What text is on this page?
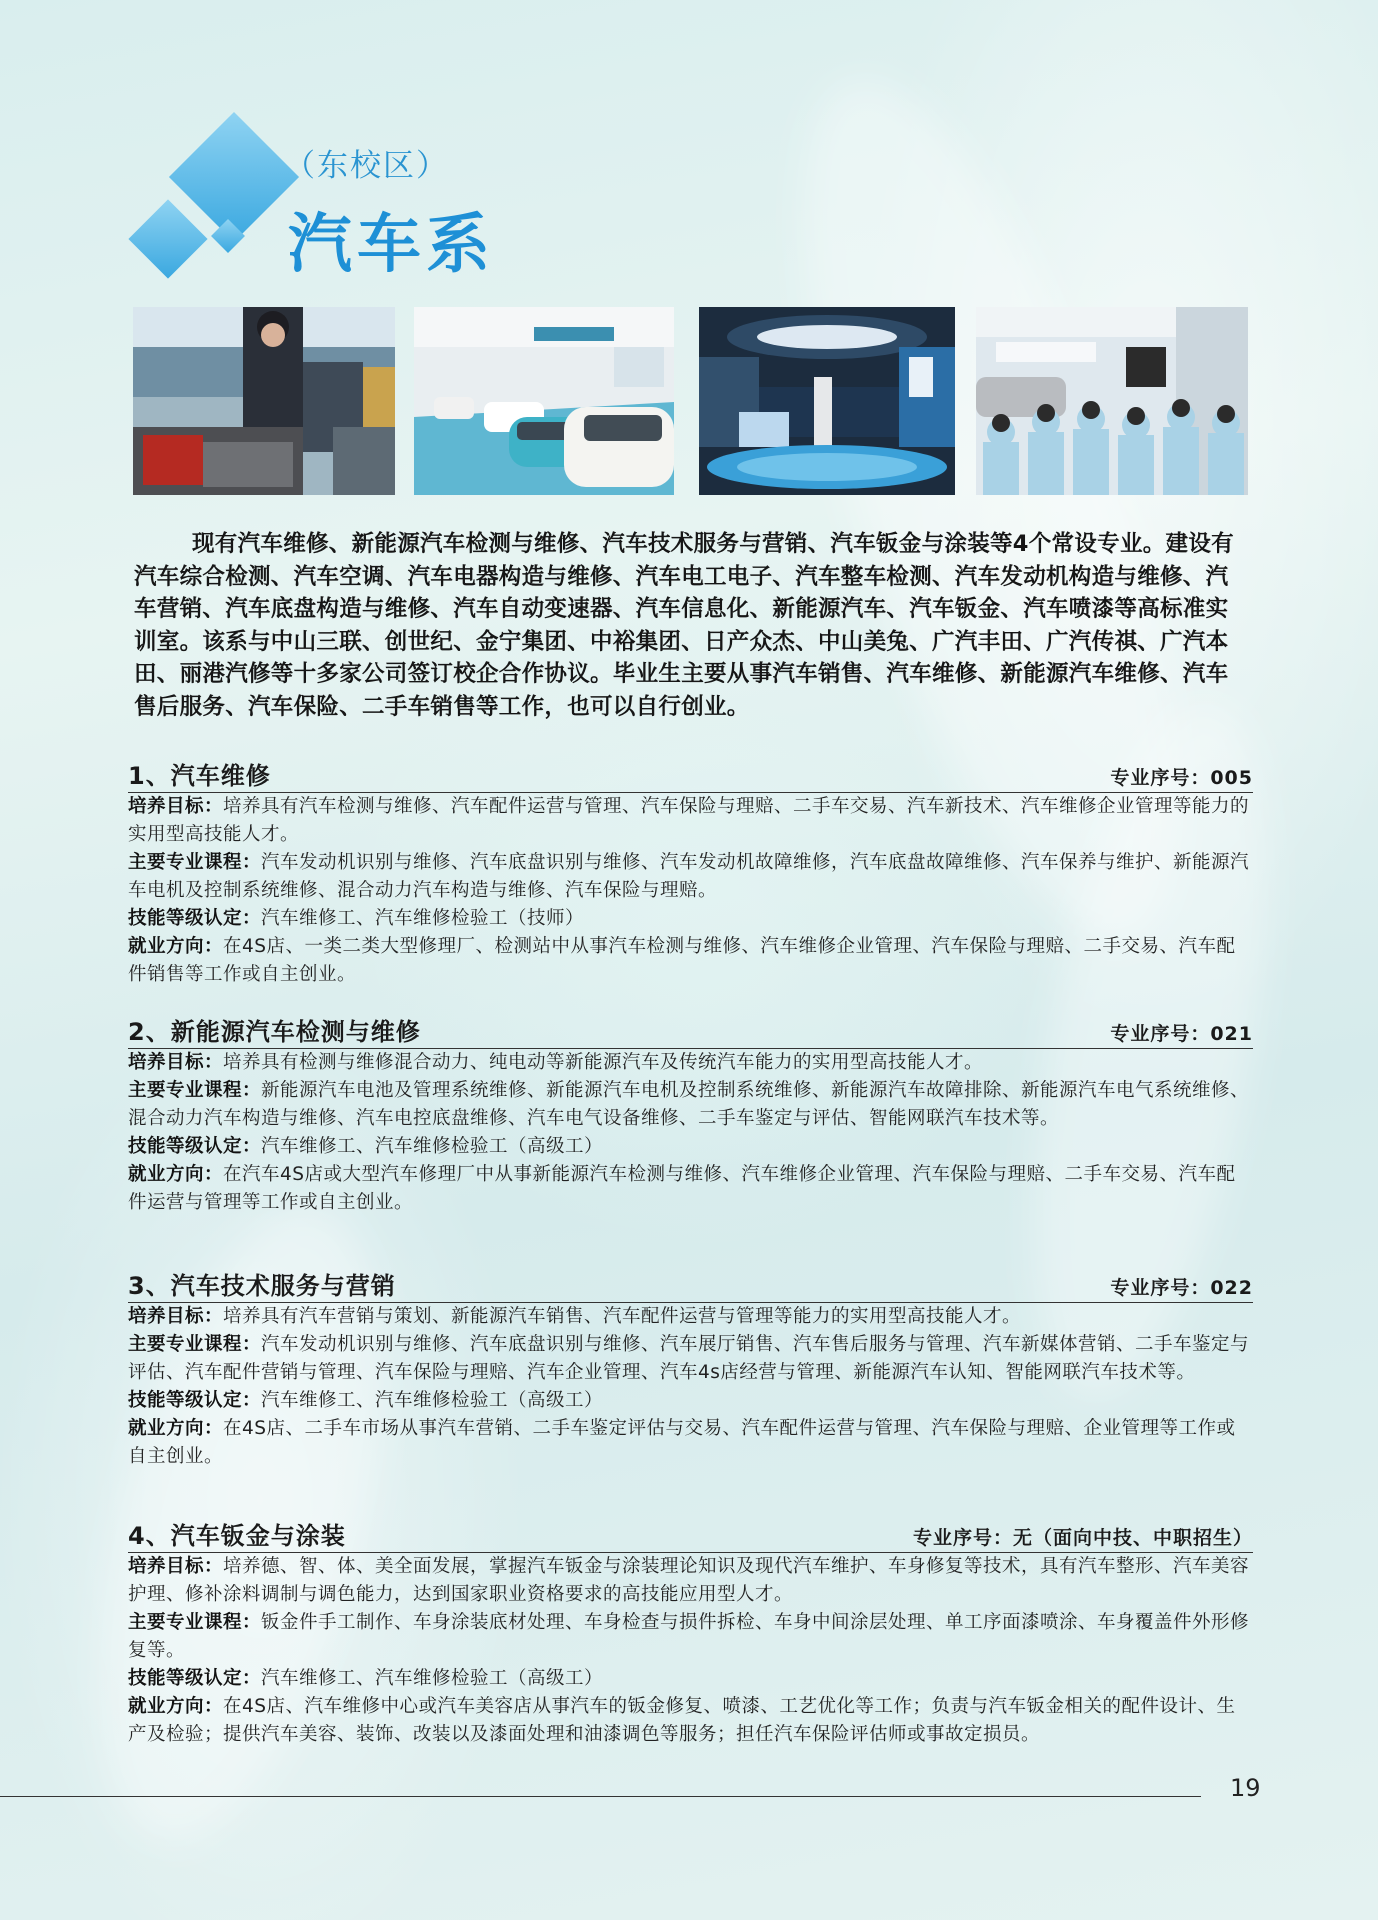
（东校区）
汽车系
现有汽车维修、新能源汽车检测与维修、汽车技术服务与营销、汽车钣金与涂装等4个常设专业。建设有汽车综合检测、汽车空调、汽车电器构造与维修、汽车电工电子、汽车整车检测、汽车发动机构造与维修、汽车营销、汽车底盘构造与维修、汽车自动变速器、汽车信息化、新能源汽车、汽车钣金、汽车喷漆等高标准实训室。该系与中山三联、创世纪、金宁集团、中裕集团、日产众杰、中山美兔、广汽丰田、广汽传祺、广汽本田、丽港汽修等十多家公司签订校企合作协议。毕业生主要从事汽车销售、汽车维修、新能源汽车维修、汽车售后服务、汽车保险、二手车销售等工作，也可以自行创业。
1、汽车维修	专业序号：005
培养目标：培养具有汽车检测与维修、汽车配件运营与管理、汽车保险与理赔、二手车交易、汽车新技术、汽车维修企业管理等能力的实用型高技能人才。
主要专业课程：汽车发动机识别与维修、汽车底盘识别与维修、汽车发动机故障维修，汽车底盘故障维修、汽车保养与维护、新能源汽车电机及控制系统维修、混合动力汽车构造与维修、汽车保险与理赔。
技能等级认定：汽车维修工、汽车维修检验工（技师）
就业方向：在4S店、一类二类大型修理厂、检测站中从事汽车检测与维修、汽车维修企业管理、汽车保险与理赔、二手交易、汽车配件销售等工作或自主创业。
2、新能源汽车检测与维修	专业序号：021
培养目标：培养具有检测与维修混合动力、纯电动等新能源汽车及传统汽车能力的实用型高技能人才。
主要专业课程：新能源汽车电池及管理系统维修、新能源汽车电机及控制系统维修、新能源汽车故障排除、新能源汽车电气系统维修、混合动力汽车构造与维修、汽车电控底盘维修、汽车电气设备维修、二手车鉴定与评估、智能网联汽车技术等。
技能等级认定：汽车维修工、汽车维修检验工（高级工）
就业方向：在汽车4S店或大型汽车修理厂中从事新能源汽车检测与维修、汽车维修企业管理、汽车保险与理赔、二手车交易、汽车配件运营与管理等工作或自主创业。
3、汽车技术服务与营销	专业序号：022
培养目标：培养具有汽车营销与策划、新能源汽车销售、汽车配件运营与管理等能力的实用型高技能人才。
主要专业课程：汽车发动机识别与维修、汽车底盘识别与维修、汽车展厅销售、汽车售后服务与管理、汽车新媒体营销、二手车鉴定与评估、汽车配件营销与管理、汽车保险与理赔、汽车企业管理、汽车4s店经营与管理、新能源汽车认知、智能网联汽车技术等。
技能等级认定：汽车维修工、汽车维修检验工（高级工）
就业方向：在4S店、二手车市场从事汽车营销、二手车鉴定评估与交易、汽车配件运营与管理、汽车保险与理赔、企业管理等工作或自主创业。
4、汽车钣金与涂装	专业序号：无（面向中技、中职招生）
培养目标：培养德、智、体、美全面发展，掌握汽车钣金与涂装理论知识及现代汽车维护、车身修复等技术，具有汽车整形、汽车美容护理、修补涂料调制与调色能力，达到国家职业资格要求的高技能应用型人才。
主要专业课程：钣金件手工制作、车身涂装底材处理、车身检查与损件拆检、车身中间涂层处理、单工序面漆喷涂、车身覆盖件外形修复等。
技能等级认定：汽车维修工、汽车维修检验工（高级工）
就业方向：在4S店、汽车维修中心或汽车美容店从事汽车的钣金修复、喷漆、工艺优化等工作；负责与汽车钣金相关的配件设计、生产及检验；提供汽车美容、装饰、改装以及漆面处理和油漆调色等服务；担任汽车保险评估师或事故定损员。
19
